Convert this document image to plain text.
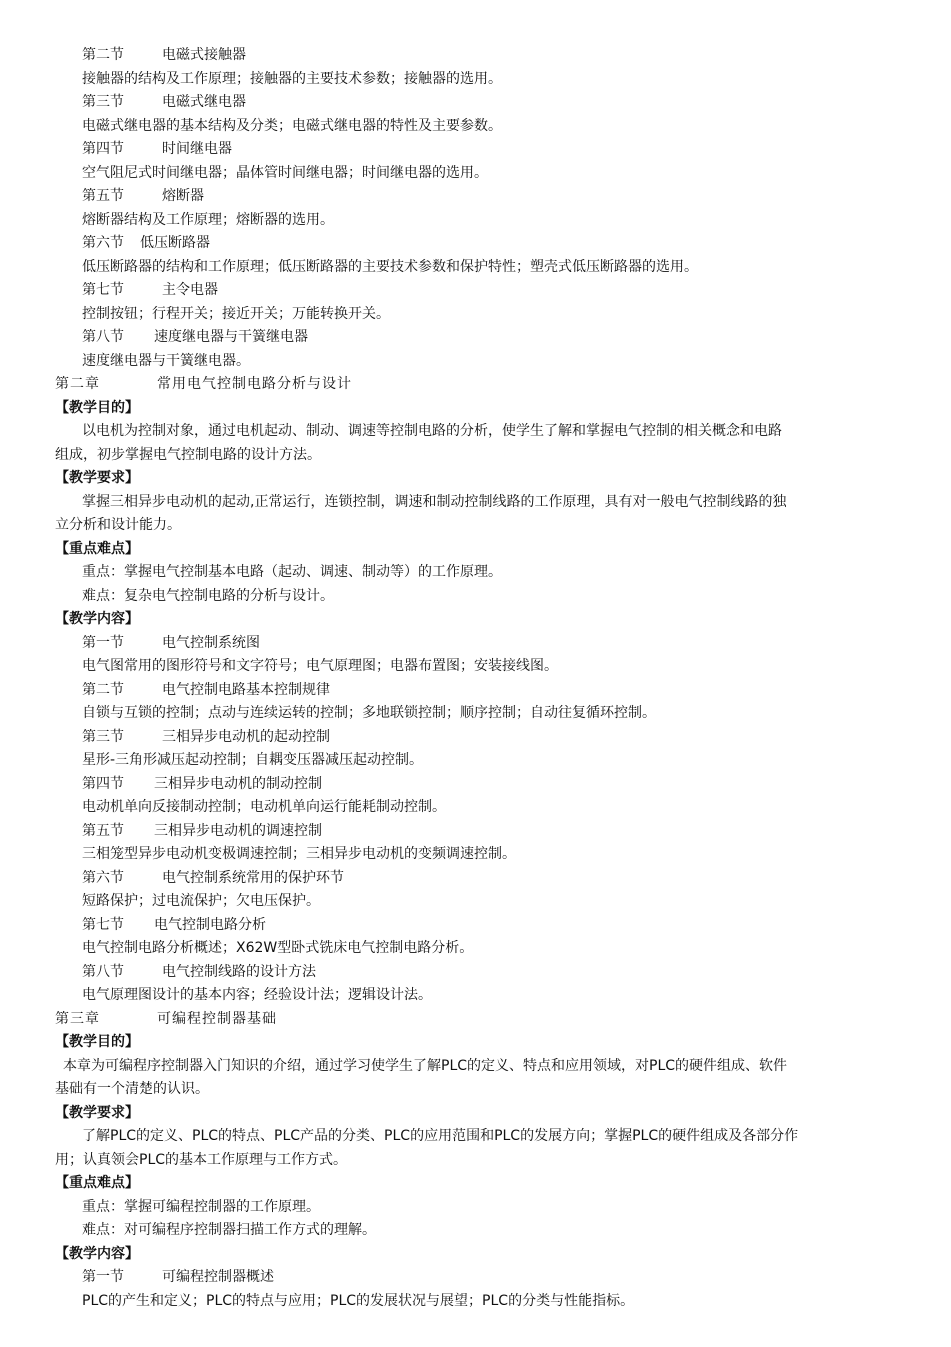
第二节	电磁式接触器
接触器的结构及工作原理；接触器的主要技术参数；接触器的选用。
第三节	电磁式继电器
电磁式继电器的基本结构及分类；电磁式继电器的特性及主要参数。
第四节	时间继电器
空气阻尼式时间继电器；晶体管时间继电器；时间继电器的选用。
第五节	熔断器
熔断器结构及工作原理；熔断器的选用。
第六节 低压断路器
低压断路器的结构和工作原理；低压断路器的主要技术参数和保护特性；塑壳式低压断路器的选用。
第七节	主令电器
控制按钮；行程开关；接近开关；万能转换开关。
第八节 速度继电器与干簧继电器
速度继电器与干簧继电器。
第二章	常用电气控制电路分析与设计
【教学目的】
以电机为控制对象，通过电机起动、制动、调速等控制电路的分析，使学生了解和掌握电气控制的相关概念和电路
组成，初步掌握电气控制电路的设计方法。
【教学要求】
掌握三相异步电动机的起动,正常运行，连锁控制，调速和制动控制线路的工作原理，具有对一般电气控制线路的独
立分析和设计能力。
【重点难点】
重点：掌握电气控制基本电路（起动、调速、制动等）的工作原理。
难点：复杂电气控制电路的分析与设计。
【教学内容】
第一节	电气控制系统图
电气图常用的图形符号和文字符号；电气原理图；电器布置图；安装接线图。
第二节	电气控制电路基本控制规律
自锁与互锁的控制；点动与连续运转的控制；多地联锁控制；顺序控制；自动往复循环控制。
第三节	三相异步电动机的起动控制
星形-三角形减压起动控制；自耦变压器减压起动控制。
第四节 三相异步电动机的制动控制
电动机单向反接制动控制；电动机单向运行能耗制动控制。
第五节 三相异步电动机的调速控制
三相笼型异步电动机变极调速控制；三相异步电动机的变频调速控制。
第六节	电气控制系统常用的保护环节
短路保护；过电流保护；欠电压保护。
第七节 电气控制电路分析
电气控制电路分析概述；X62W型卧式铣床电气控制电路分析。
第八节	电气控制线路的设计方法
电气原理图设计的基本内容；经验设计法；逻辑设计法。
第三章	可编程控制器基础
【教学目的】
本章为可编程序控制器入门知识的介绍，通过学习使学生了解PLC的定义、特点和应用领域，对PLC的硬件组成、软件
基础有一个清楚的认识。
【教学要求】
了解PLC的定义、PLC的特点、PLC产品的分类、PLC的应用范围和PLC的发展方向；掌握PLC的硬件组成及各部分作
用；认真领会PLC的基本工作原理与工作方式。
【重点难点】
重点：掌握可编程控制器的工作原理。
难点：对可编程序控制器扫描工作方式的理解。
【教学内容】
第一节	可编程控制器概述
PLC的产生和定义；PLC的特点与应用；PLC的发展状况与展望；PLC的分类与性能指标。
